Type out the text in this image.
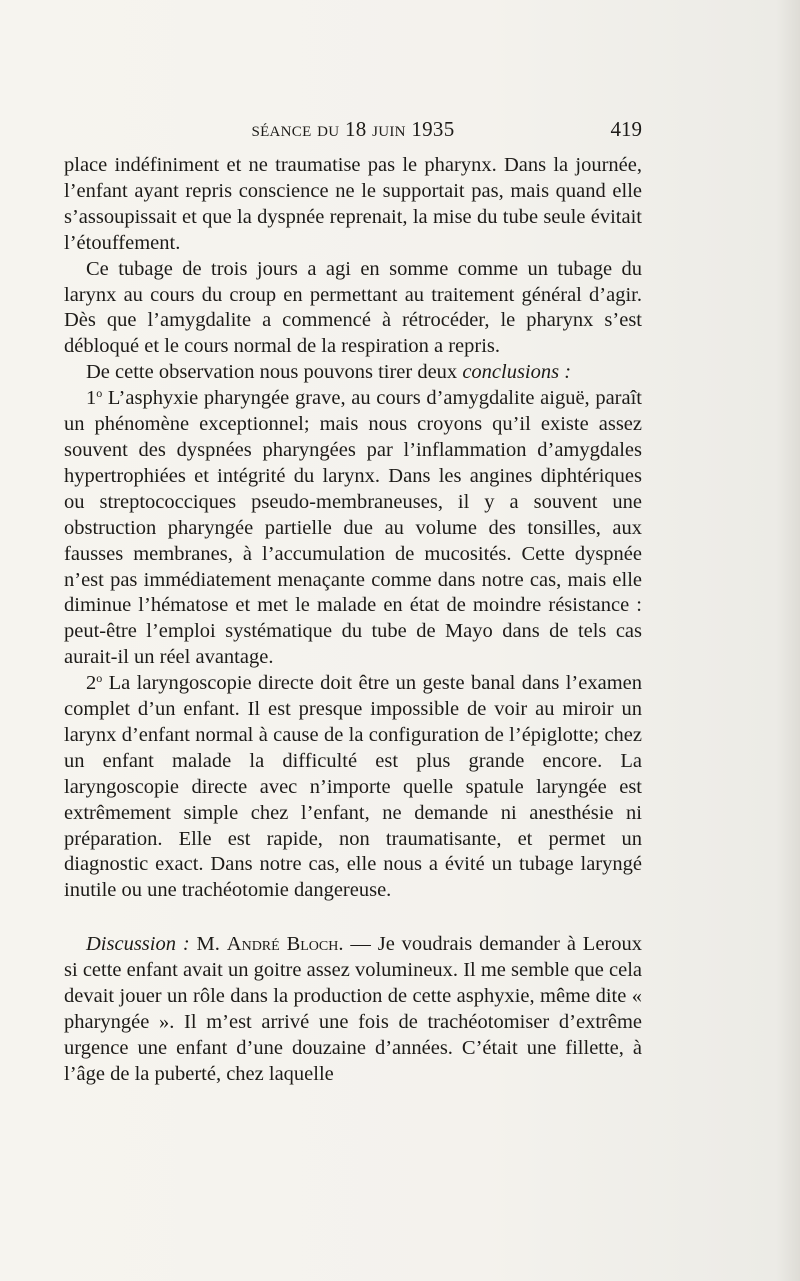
séance du 18 juin 1935	419

place indéfiniment et ne traumatise pas le pharynx. Dans la journée, l’enfant ayant repris conscience ne le supportait pas, mais quand elle s’assoupissait et que la dyspnée reprenait, la mise du tube seule évitait l’étouffement.

Ce tubage de trois jours a agi en somme comme un tubage du larynx au cours du croup en permettant au traitement général d’agir. Dès que l’amygdalite a commencé à rétrocéder, le pharynx s’est débloqué et le cours normal de la respiration a repris.

De cette observation nous pouvons tirer deux conclusions :

1$^o$ L’asphyxie pharyngée grave, au cours d’amygdalite aiguë, paraît un phénomène exceptionnel; mais nous croyons qu’il existe assez souvent des dyspnées pharyngées par l’inflammation d’amygdales hypertrophiées et intégrité du larynx. Dans les angines diphtériques ou streptococciques pseudo-membraneuses, il y a souvent une obstruction pharyngée partielle due au volume des tonsilles, aux fausses membranes, à l’accumulation de mucosités. Cette dyspnée n’est pas immédiatement menaçante comme dans notre cas, mais elle diminue l’hématose et met le malade en état de moindre résistance : peut-être l’emploi systématique du tube de Mayo dans de tels cas aurait-il un réel avantage.

2$^o$ La laryngoscopie directe doit être un geste banal dans l’examen complet d’un enfant. Il est presque impossible de voir au miroir un larynx d’enfant normal à cause de la configuration de l’épiglotte; chez un enfant malade la difficulté est plus grande encore. La laryngoscopie directe avec n’importe quelle spatule laryngée est extrêmement simple chez l’enfant, ne demande ni anesthésie ni préparation. Elle est rapide, non traumatisante, et permet un diagnostic exact. Dans notre cas, elle nous a évité un tubage laryngé inutile ou une trachéotomie dangereuse.

Discussion : M. André Bloch. — Je voudrais demander à Leroux si cette enfant avait un goitre assez volumineux. Il me semble que cela devait jouer un rôle dans la production de cette asphyxie, même dite « pharyngée ». Il m’est arrivé une fois de trachéotomiser d’extrême urgence une enfant d’une douzaine d’années. C’était une fillette, à l’âge de la puberté, chez laquelle
